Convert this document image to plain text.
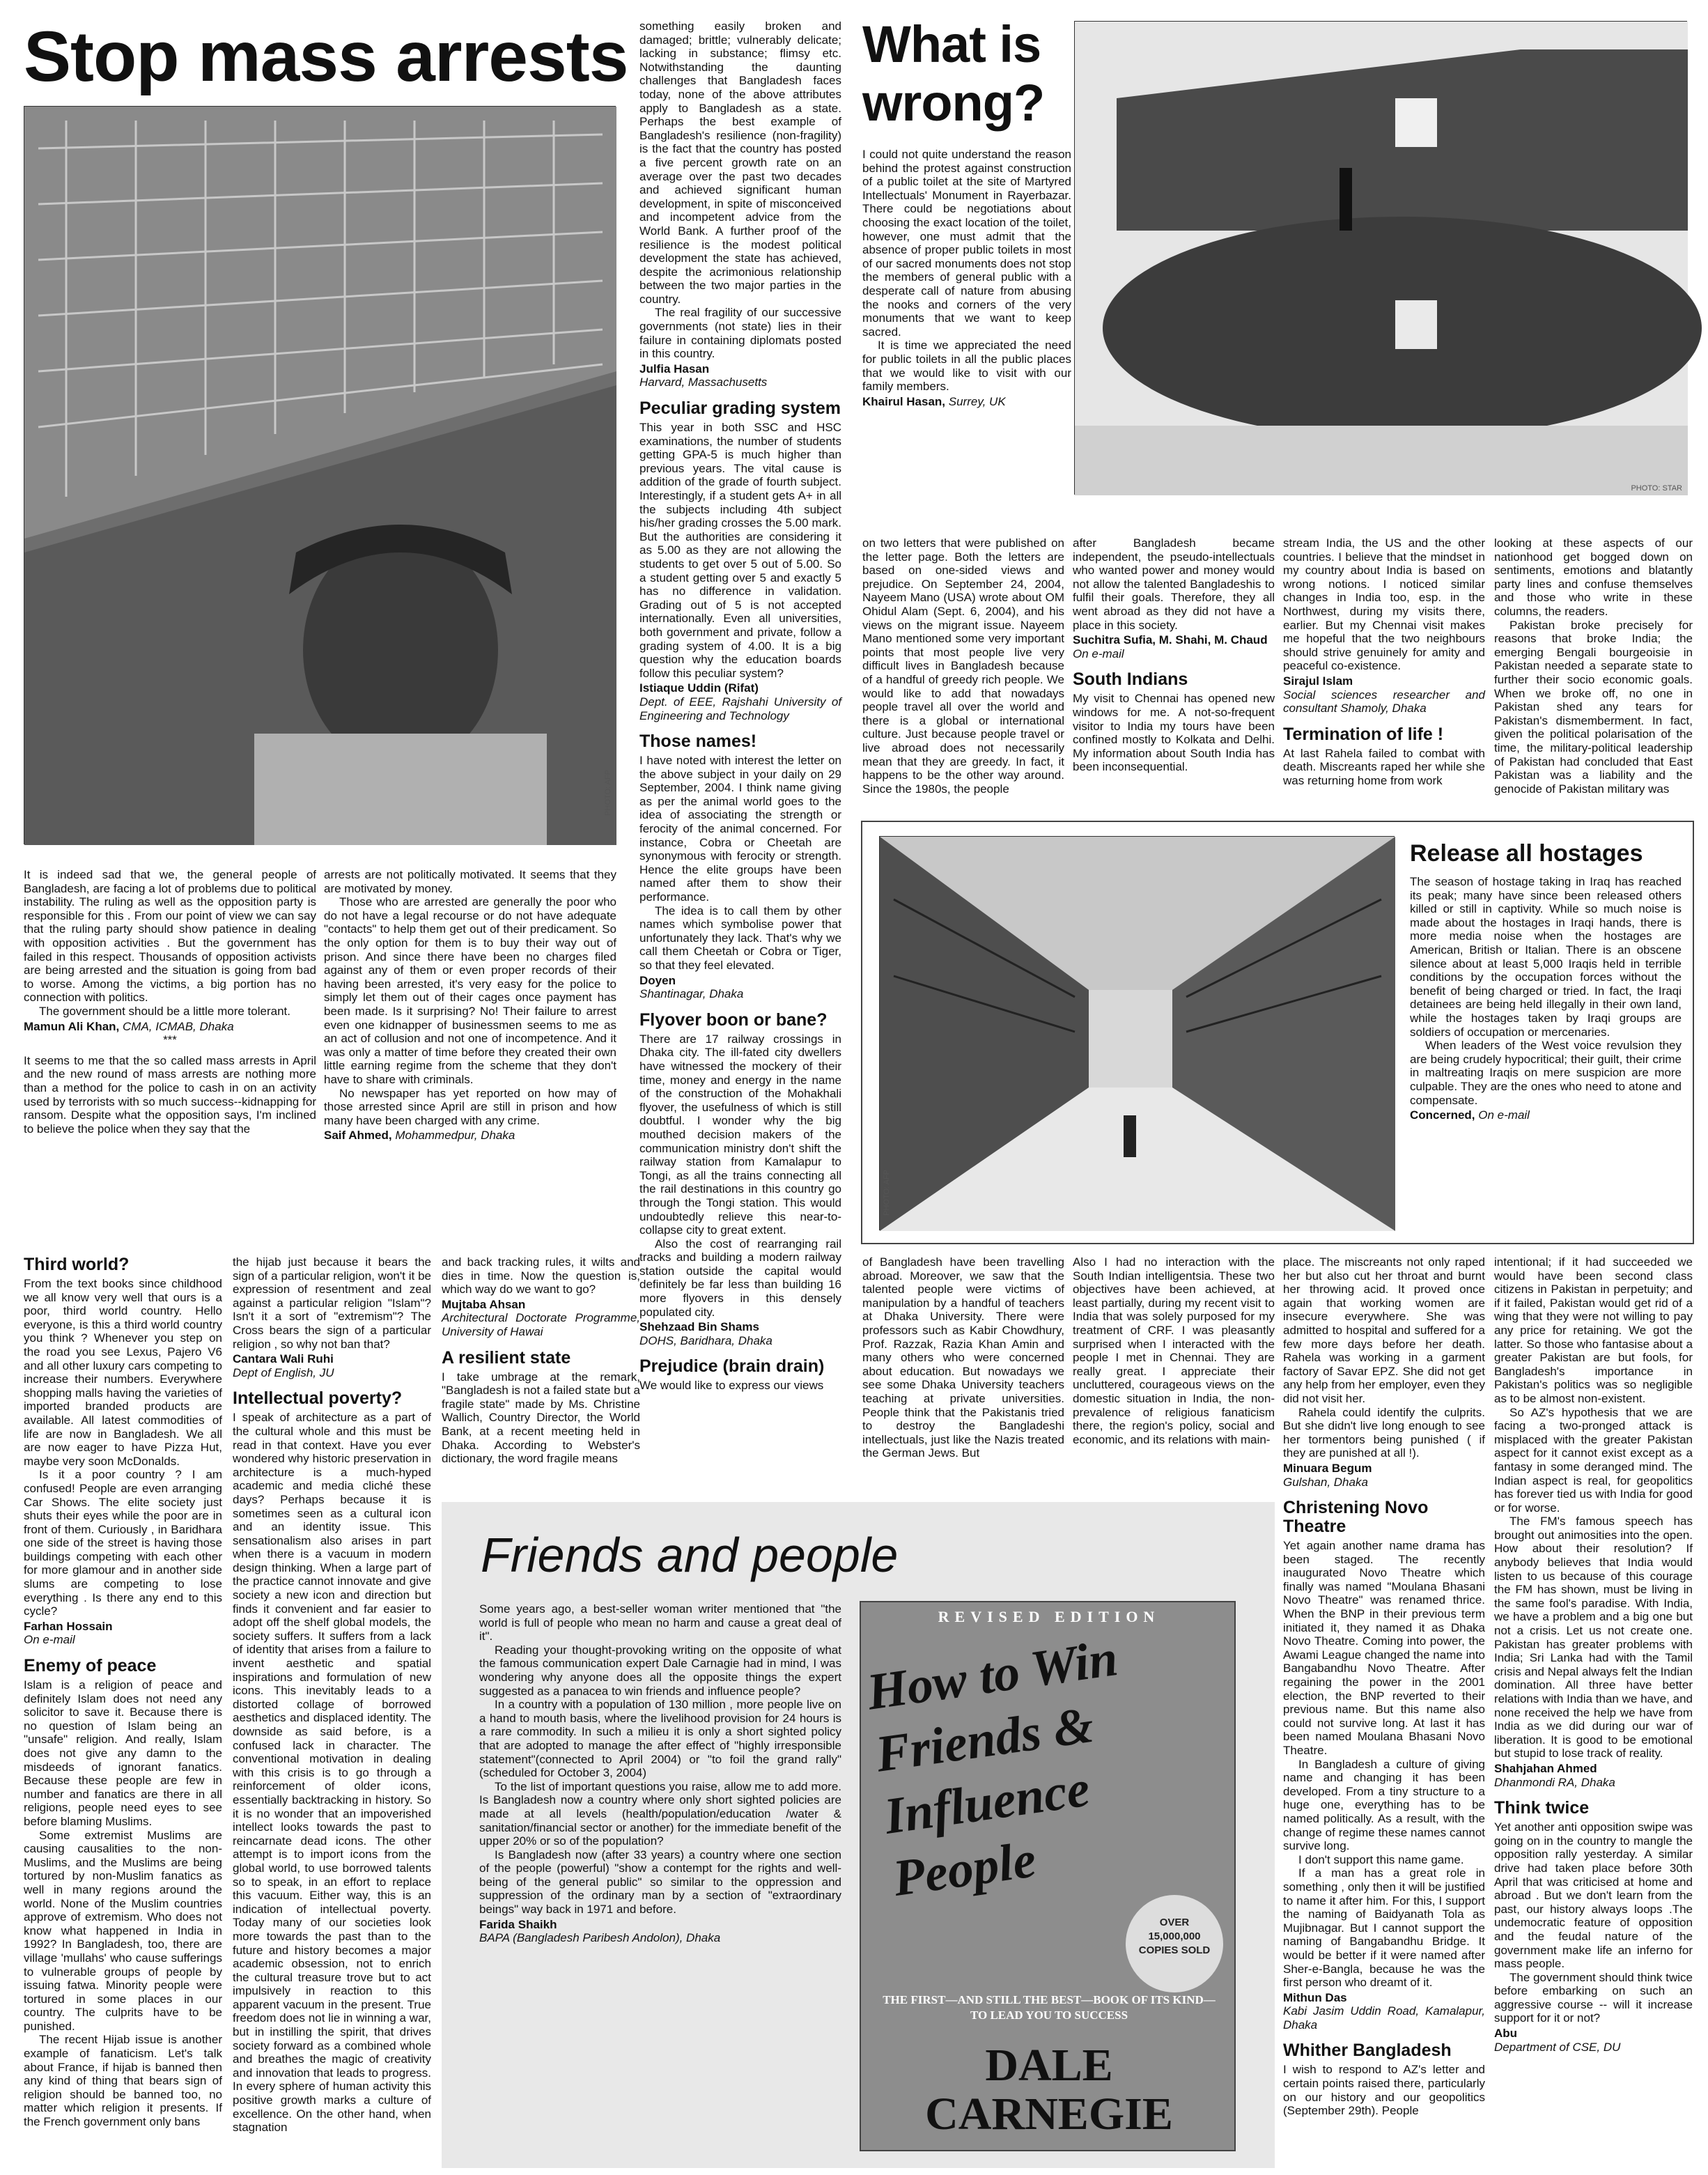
Stop mass arrests
PHOTO: AFP

It is indeed sad that we, the general people of Bangladesh, are facing a lot of problems due to political instability. The ruling as well as the opposition party is responsible for this . From our point of view we can say that the ruling party should show patience in dealing with opposition activities . But the government has failed in this respect. Thousands of opposition activists are being arrested and the situation is going from bad to worse. Among the victims, a big portion has no connection with politics.

The government should be a little more tolerant.

Mamun Ali Khan, CMA, ICMAB, Dhaka
***

It seems to me that the so called mass arrests in April and the new round of mass arrests are nothing more than a method for the police to cash in on an activity used by terrorists with so much success--kidnapping for ransom. Despite what the opposition says, I'm inclined to believe the police when they say that the

arrests are not politically motivated. It seems that they are motivated by money.

Those who are arrested are generally the poor who do not have a legal recourse or do not have adequate "contacts" to help them get out of their predicament. So the only option for them is to buy their way out of prison. And since there have been no charges filed against any of them or even proper records of their having been arrested, it's very easy for the police to simply let them out of their cages once payment has been made. Is it surprising? No! Their failure to arrest even one kidnapper of businessmen seems to me as an act of collusion and not one of incompetence. And it was only a matter of time before they created their own little earning regime from the scheme that they don't have to share with criminals.

No newspaper has yet reported on how may of those arrested since April are still in prison and how many have been charged with any crime.

Saif Ahmed, Mohammedpur, Dhaka

something easily broken and damaged; brittle; vulnerably delicate; lacking in substance; flimsy etc. Notwithstanding the daunting challenges that Bangladesh faces today, none of the above attributes apply to Bangladesh as a state. Perhaps the best example of Bangladesh's resilience (non-fragility) is the fact that the country has posted a five percent growth rate on an average over the past two decades and achieved significant human development, in spite of misconceived and incompetent advice from the World Bank. A further proof of the resilience is the modest political development the state has achieved, despite the acrimonious relationship between the two major parties in the country.

The real fragility of our successive governments (not state) lies in their failure in containing diplomats posted in this country.

Julfia Hasan
Harvard, Massachusetts
Peculiar grading system

This year in both SSC and HSC examinations, the number of students getting GPA-5 is much higher than previous years. The vital cause is addition of the grade of fourth subject. Interestingly, if a student gets A+ in all the subjects including 4th subject his/her grading crosses the 5.00 mark. But the authorities are considering it as 5.00 as they are not allowing the students to get over 5 out of 5.00. So a student getting over 5 and exactly 5 has no difference in validation. Grading out of 5 is not accepted internationally. Even all universities, both government and private, follow a grading system of 4.00. It is a big question why the education boards follow this peculiar system?

Istiaque Uddin (Rifat)
Dept. of EEE, Rajshahi University of Engineering and Technology
Those names!

I have noted with interest the letter on the above subject in your daily on 29 September, 2004. I think name giving as per the animal world goes to the idea of associating the strength or ferocity of the animal concerned. For instance, Cobra or Cheetah are synonymous with ferocity or strength. Hence the elite groups have been named after them to show their performance.

The idea is to call them by other names which symbolise power that unfortunately they lack. That's why we call them Cheetah or Cobra or Tiger, so that they feel elevated.

Doyen
Shantinagar, Dhaka
Flyover boon or bane?

There are 17 railway crossings in Dhaka city. The ill-fated city dwellers have witnessed the mockery of their time, money and energy in the name of the construction of the Mohakhali flyover, the usefulness of which is still doubtful. I wonder why the big mouthed decision makers of the communication ministry don't shift the railway station from Kamalapur to Tongi, as all the trains connecting all the rail destinations in this country go through the Tongi station. This would undoubtedly relieve this near-to-collapse city to great extent.

Also the cost of rearranging rail tracks and building a modern railway station outside the capital would definitely be far less than building 16 more flyovers in this densely populated city.

Shehzaad Bin Shams
DOHS, Baridhara, Dhaka
Prejudice (brain drain)

We would like to express our views

What is wrong?

I could not quite understand the reason behind the protest against construction of a public toilet at the site of Martyred Intellectuals' Monument in Rayerbazar. There could be negotiations about choosing the exact location of the toilet, however, one must admit that the absence of proper public toilets in most of our sacred monuments does not stop the members of general public with a desperate call of nature from abusing the nooks and corners of the very monuments that we want to keep sacred.

It is time we appreciated the need for public toilets in all the public places that we would like to visit with our family members.

Khairul Hasan, Surrey, UK
PHOTO: STAR

on two letters that were published on the letter page. Both the letters are based on one-sided views and prejudice. On September 24, 2004, Nayeem Mano (USA) wrote about OM Ohidul Alam (Sept. 6, 2004), and his views on the migrant issue. Nayeem Mano mentioned some very important points that most people live very difficult lives in Bangladesh because of a handful of greedy rich people. We would like to add that nowadays people travel all over the world and there is a global or international culture. Just because people travel or live abroad does not necessarily mean that they are greedy. In fact, it happens to be the other way around. Since the 1980s, the people

after Bangladesh became independent, the pseudo-intellectuals who wanted power and money would not allow the talented Bangladeshis to fulfil their goals. Therefore, they all went abroad as they did not have a place in this society.

Suchitra Sufia, M. Shahi, M. Chaud
On e-mail
South Indians

My visit to Chennai has opened new windows for me. A not-so-frequent visitor to India my tours have been confined mostly to Kolkata and Delhi. My information about South India has been inconsequential.

stream India, the US and the other countries. I believe that the mindset in my country about India is based on wrong notions. I noticed similar changes in India too, esp. in the Northwest, during my visits there, earlier. But my Chennai visit makes me hopeful that the two neighbours should strive genuinely for amity and peaceful co-existence.

Sirajul Islam
Social sciences researcher and consultant Shamoly, Dhaka
Termination of life !

At last Rahela failed to combat with death. Miscreants raped her while she was returning home from work

looking at these aspects of our nationhood get bogged down on sentiments, emotions and blatantly party lines and confuse themselves and those who write in these columns, the readers.

Pakistan broke precisely for reasons that broke India; the emerging Bengali bourgeoisie in Pakistan needed a separate state to further their socio economic goals. When we broke off, no one in Pakistan shed any tears for Pakistan's dismemberment. In fact, given the political polarisation of the time, the military-political leadership of Pakistan had concluded that East Pakistan was a liability and the genocide of Pakistan military was

PHOTO: AFP
Release all hostages

The season of hostage taking in Iraq has reached its peak; many have since been released others killed or still in captivity. While so much noise is made about the hostages in Iraqi hands, there is more media noise when the hostages are American, British or Italian. There is an obscene silence about at least 5,000 Iraqis held in terrible conditions by the occupation forces without the benefit of being charged or tried. In fact, the Iraqi detainees are being held illegally in their own land, while the hostages taken by Iraqi groups are soldiers of occupation or mercenaries.

When leaders of the West voice revulsion they are being crudely hypocritical; their guilt, their crime in maltreating Iraqis on mere suspicion are more culpable. They are the ones who need to atone and compensate.

Concerned, On e-mail
Third world?

From the text books since childhood we all know very well that ours is a poor, third world country. Hello everyone, is this a third world country you think ? Whenever you step on the road you see Lexus, Pajero V6 and all other luxury cars competing to increase their numbers. Everywhere shopping malls having the varieties of imported branded products are available. All latest commodities of life are now in Bangladesh. We all are now eager to have Pizza Hut, maybe very soon McDonalds.

Is it a poor country ? I am confused! People are even arranging Car Shows. The elite society just shuts their eyes while the poor are in front of them. Curiously , in Baridhara one side of the street is having those buildings competing with each other for more glamour and in another side slums are competing to lose everything . Is there any end to this cycle?

Farhan Hossain
On e-mail
Enemy of peace

Islam is a religion of peace and definitely Islam does not need any solicitor to save it. Because there is no question of Islam being an "unsafe" religion. And really, Islam does not give any damn to the misdeeds of ignorant fanatics. Because these people are few in number and fanatics are there in all religions, people need eyes to see before blaming Muslims.

Some extremist Muslims are causing causalities to the non-Muslims, and the Muslims are being tortured by non-Muslim fanatics as well in many regions around the world. None of the Muslim countries approve of extremism. Who does not know what happened in India in 1992? In Bangladesh, too, there are village 'mullahs' who cause sufferings to vulnerable groups of people by issuing fatwa. Minority people were tortured in some places in our country. The culprits have to be punished.

The recent Hijab issue is another example of fanaticism. Let's talk about France, if hijab is banned then any kind of thing that bears sign of religion should be banned too, no matter which religion it presents. If the French government only bans

the hijab just because it bears the sign of a particular religion, won't it be expression of resentment and zeal against a particular religion "Islam"? Isn't it a sort of "extremism"? The Cross bears the sign of a particular religion , so why not ban that?

Cantara Wali Ruhi
Dept of English, JU
Intellectual poverty?

I speak of architecture as a part of the cultural whole and this must be read in that context. Have you ever wondered why historic preservation in architecture is a much-hyped academic and media cliché these days? Perhaps because it is sometimes seen as a cultural icon and an identity issue. This sensationalism also arises in part when there is a vacuum in modern design thinking. When a large part of the practice cannot innovate and give society a new icon and direction but finds it convenient and far easier to adopt off the shelf global models, the society suffers. It suffers from a lack of identity that arises from a failure to invent aesthetic and spatial inspirations and formulation of new icons. This inevitably leads to a distorted collage of borrowed aesthetics and displaced identity. The downside as said before, is a confused lack in character. The conventional motivation in dealing with this crisis is to go through a reinforcement of older icons, essentially backtracking in history. So it is no wonder that an impoverished intellect looks towards the past to reincarnate dead icons. The other attempt is to import icons from the global world, to use borrowed talents so to speak, in an effort to replace this vacuum. Either way, this is an indication of intellectual poverty. Today many of our societies look more towards the past than to the future and history becomes a major academic obsession, not to enrich the cultural treasure trove but to act impulsively in reaction to this apparent vacuum in the present. True freedom does not lie in winning a war, but in instilling the spirit, that drives society forward as a combined whole and breathes the magic of creativity and innovation that leads to progress. In every sphere of human activity this positive growth marks a culture of excellence. On the other hand, when stagnation

and back tracking rules, it wilts and dies in time. Now the question is, which way do we want to go?

Mujtaba Ahsan
Architectural Doctorate Programme, University of Hawai
A resilient state

I take umbrage at the remark, "Bangladesh is not a failed state but a fragile state" made by Ms. Christine Wallich, Country Director, the World Bank, at a recent meeting held in Dhaka. According to Webster's dictionary, the word fragile means

of Bangladesh have been travelling abroad. Moreover, we saw that the talented people were victims of manipulation by a handful of teachers at Dhaka University. There were professors such as Kabir Chowdhury, Prof. Razzak, Razia Khan Amin and many others who were concerned about education. But nowadays we see some Dhaka University teachers teaching at private universities. People think that the Pakistanis tried to destroy the Bangladeshi intellectuals, just like the Nazis treated the German Jews. But

Also I had no interaction with the South Indian intelligentsia. These two objectives have been achieved, at least partially, during my recent visit to India that was solely purposed for my treatment of CRF. I was pleasantly surprised when I interacted with the people I met in Chennai. They are really great. I appreciate their uncluttered, courageous views on the domestic situation in India, the non-prevalence of religious fanaticism there, the region's policy, social and economic, and its relations with main-

Friends and people

Some years ago, a best-seller woman writer mentioned that "the world is full of people who mean no harm and cause a great deal of it".

Reading your thought-provoking writing on the opposite of what the famous communication expert Dale Carnagie had in mind, I was wondering why anyone does all the opposite things the expert suggested as a panacea to win friends and influence people?

In a country with a population of 130 million , more people live on a hand to mouth basis, where the livelihood provision for 24 hours is a rare commodity. In such a milieu it is only a short sighted policy that are adopted to manage the after effect of "highly irresponsible statement"(connected to April 2004) or "to foil the grand rally" (scheduled for October 3, 2004)

To the list of important questions you raise, allow me to add more. Is Bangladesh now a country where only short sighted policies are made at all levels (health/population/education /water & sanitation/financial sector or another) for the immediate benefit of the upper 20% or so of the population?

Is Bangladesh now (after 33 years) a country where one section of the people (powerful) "show a contempt for the rights and well-being of the general public" so similar to the oppression and suppression of the ordinary man by a section of "extraordinary beings" way back in 1971 and before.

Farida Shaikh
BAPA (Bangladesh Paribesh Andolon), Dhaka
REVISED EDITION
How to Win Friends & Influence People
OVER 15,000,000 COPIES SOLD
THE FIRST—AND STILL THE BEST—BOOK OF ITS KIND—TO LEAD YOU TO SUCCESS
DALE CARNEGIE

place. The miscreants not only raped her but also cut her throat and burnt her throwing acid. It proved once again that working women are insecure everywhere. She was admitted to hospital and suffered for a few more days before her death. Rahela was working in a garment factory of Savar EPZ. She did not get any help from her employer, even they did not visit her.

Rahela could identify the culprits. But she didn't live long enough to see her tormentors being punished ( if they are punished at all !).

Minuara Begum
Gulshan, Dhaka
Christening Novo Theatre

Yet again another name drama has been staged. The recently inaugurated Novo Theatre which finally was named "Moulana Bhasani Novo Theatre" was renamed thrice. When the BNP in their previous term initiated it, they named it as Dhaka Novo Theatre. Coming into power, the Awami League changed the name into Bangabandhu Novo Theatre. After regaining the power in the 2001 election, the BNP reverted to their previous name. But this name also could not survive long. At last it has been named Moulana Bhasani Novo Theatre.

In Bangladesh a culture of giving name and changing it has been developed. From a tiny structure to a huge one, everything has to be named politically. As a result, with the change of regime these names cannot survive long.

I don't support this name game.

If a man has a great role in something , only then it will be justified to name it after him. For this, I support the naming of Baidyanath Tola as Mujibnagar. But I cannot support the naming of Bangabandhu Bridge. It would be better if it were named after Sher-e-Bangla, because he was the first person who dreamt of it.

Mithun Das
Kabi Jasim Uddin Road, Kamalapur, Dhaka
Whither Bangladesh

I wish to respond to AZ's letter and certain points raised there, particularly on our history and our geopolitics (September 29th). People

intentional; if it had succeeded we would have been second class citizens in Pakistan in perpetuity; and if it failed, Pakistan would get rid of a wing that they were not willing to pay any price for retaining. We got the latter. So those who fantasise about a greater Pakistan are but fools, for Bangladesh's importance in Pakistan's politics was so negligible as to be almost non-existent.

So AZ's hypothesis that we are facing a two-pronged attack is misplaced with the greater Pakistan aspect for it cannot exist except as a fantasy in some deranged mind. The Indian aspect is real, for geopolitics has forever tied us with India for good or for worse.

The FM's famous speech has brought out animosities into the open. How about their resolution? If anybody believes that India would listen to us because of this courage the FM has shown, must be living in the same fool's paradise. With India, we have a problem and a big one but not a crisis. Let us not create one. Pakistan has greater problems with India; Sri Lanka had with the Tamil crisis and Nepal always felt the Indian domination. All three have better relations with India than we have, and none received the help we have from India as we did during our war of liberation. It is good to be emotional but stupid to lose track of reality.

Shahjahan Ahmed
Dhanmondi RA, Dhaka
Think twice

Yet another anti opposition swipe was going on in the country to mangle the opposition rally yesterday. A similar drive had taken place before 30th April that was criticised at home and abroad . But we don't learn from the past, our history always loops .The undemocratic feature of opposition and the feudal nature of the government make life an inferno for mass people.

The government should think twice before embarking on such an aggressive course -- will it increase support for it or not?

Abu
Department of CSE, DU
